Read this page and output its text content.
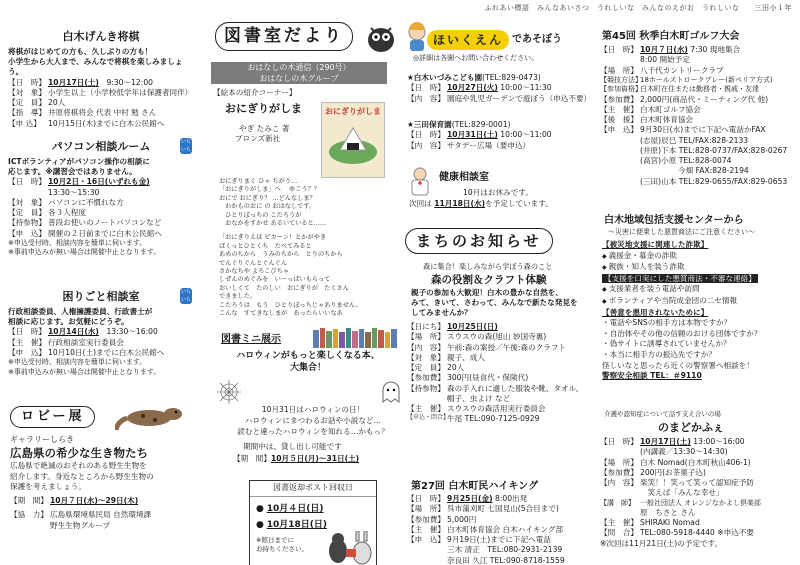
ふれあい標語　みんなあいさつ　うれしいな　みんなのえがお　うれしいな　　三田小１年
白木げんき将棋
将棋がはじめての方も、久しぶりの方も！
小学生から大人まで、みんなで将棋を楽しみましょう。
【日　時】 10月17日(土)　 9:30～12:00
【対　象】 小学生以上（小学校低学年は保護者同伴）
【定　員】 20人
【指　導】 井原将棋将会 代表 中村 勉 さん
【申 込】 10月15日(木)までに白木公民館へ
いちいち
パソコン相談ルーム
ICTボランティアがパソコン操作の相談に
応じます。※講習会ではありません。
【日　時】 10月2日・16日(いずれも金)
13:30～15:30
【対　象】 パソコンに不慣れな方
【定　員】 各３人程度
【持参物】 普段お使いのノートパソコンなど
【申　込】 開催の２日前までに白木公民館へ
※申込受付時、相談内容を簡単に伺います。
※事前申込みが無い場合は開催中止となります。
いちいち
困りごと相談室
行政相談委員、人権擁護委員、行政書士が
相談に応じます。お気軽にどうぞ。
【日　時】 10月14日(水)　 13:30～16:00
【主　催】 行政相談室実行委員会
【申　込】 10月10日(土)までに白木公民館へ
※申込受付時、相談内容を簡単に伺います。
※事前申込みが無い場合は開催中止となります。
ロビー展
ギャラリーしらき
広島県の希少な生き物たち
広島県で絶滅のおそれのある野生生物を
紹介します。身近なところから野生生物の
保護を考えましょう。
【期　間】 10月７日(水)～29日(木)
【協　力】 広島県環境県民局 自然環境課
野生生物グループ
図書室だより
おはなしの木通信（290号）
おはなしの木グループ
【絵本の紹介コーナー】
おにぎりがしま
やぎ たみこ 著
ブロンズ新社
おにぎりがしま
おにぎりまく ひゃ ちがう…
「おにぎりがしま」へ 　ゆこう？？
おにで おにぎり？ …どんなしま？
　わかものおに の おはなしです。
　ひとりぼっちの こたろうが
　おなかをすかせ あるいていると……
「おにぎりえほ ピカーン！とかがやき
ぱくっとひとくち　たべてみると
あめのちから　うみのちから　とりのちから
でんぐりぐんとぐんぐん
さかなちや よろこびちゃ
しぜんのめぐみを　い〜っぱいもらって
おいしくて　たのしい　おにぎりが　たくさん
できました。
こたろうは　もう　ひとりぼっちじゃありません。
こんな　すてきなしまが　あったらいいなあ
図書ミニ展示
ハロウィンがもっと楽しくなる本、
大集合！
10月31日はハロウィンの日！
ハロウィンにまつわるお話や小説など…
読むと違ったハロウィンを知れる…かもっ？
期間中は、貸し出し可能です
【期　間】 10月５日(月)～31日(土)
図書返却ポスト回収日
● 10月４日(日)
● 10月18日(日)
※館日までに
お持ちください。
ほいくえん であそぼう
◎詳細は各園へお問い合わせください。
★白木いづみこども園(TEL:829-0473)
【日　時】 10月27日(火) 10:00～11:30
【内　容】 園庭や乳児ガーデンで遊ぼう（申込不要）
★三田保育園(TEL:829-0001)
【日　時】 10月31日(土) 10:00～11:00
【内　容】 サタデー広場（要申込）
健康相談室
10月はお休みです。
次回は 11月18日(水)を予定しています。
まちのお知らせ
森に集合！楽しみながら学ぼう森のこと
森の役割＆クラフト体験
親子の参加も大歓迎！白木の豊かな自然を、
みて、きいて、さわって、みんなで新たな発見を
してみませんか？
【日にち】 10月25日(日)
【場　所】 スウスウの森(旭山 妙国寺裏)
【内　容】 午前:森の案授／午後:森のクラフト
【対　象】 親子、成人
【定　員】 20人
【参加費】 300円(昼食代・保険代)
【持参物】 森の手入れに適した服装や靴、タオル、
帽子、虫よけ など
【主　催】 スウスウの森活用実行委員会
【申込・問合】
牛尾 TEL:090-7125-0929
第27回 白木町民ハイキング
【日　時】 9月25日(金) 8:00出発
【場　所】 呉市蒲刈町 七国見山(5合目まで)
【参加費】 5,000円
【主　催】 白木町体育協会 白木ハイキング部
【申　込】 9月19日(土)までに下記へ電話
三木 清正　TEL:080-2931-2139
奈良田 久江 TEL:090-8718-1559
第45回 秋季白木町ゴルフ大会
【日　時】 10月７日(水) 7:30 現地集合
8:00 開始予定
【場　所】 八千代カントリークラブ
【競技方法】
18ホールストロークプレー(新ペリア方式)
【参加資格】
白木町在住または勤務者・親戚・友達
【参加費】 2,000円(商品代・ミーティング代 他)
【主　催】 白木町ゴルフ協会
【後　援】 白木町体育協会
【申　込】 9月30日(水)までに下記へ電話かFAX
(志屋)辰巳 TEL/FAX:828-2133
(井原)下本 TEL:828-0737/FAX:828-0267
(高宮)小原 TEL:828-0074
　　　　　今畑 FAX:828-2194
(三田)山本 TEL:829-0655/FAX:829-0653
白木地域包括支援センターから
～災害に便乗した悪質商法にご注意ください～
【被災地支援に関連した詐欺】
◆ 義援金・募金の詐欺
◆ 親族・知人を装う詐欺
【支援を口実にした悪質商法・不審な連絡】
◆ 支援業者を装う電話や訪問
◆ ボランティアや当院成金団の二セ情報
【善意を悪用されないために】
・電話やSNSの相手方は本物ですか？
・自治体やその他の信頼のおける団体ですか？
・偽サイトに誘導されていませんか？
・本当に相手方の振込先ですか？
怪しいなと思ったら近くの警察署へ相談を！
警察安全相談 TEL：＃9110
介護や認知症について話す支え合いの場
のまどかふぇ
【日　時】 10月17日(土) 13:00～16:00
(内講義／13:30～14:30)
【場　所】 白木 Nomad(白木町秋山406-1)
【参加費】 200円(お茶菓子込)
【内　容】 楽笑！！笑って笑って認知症予防
　笑えば「みんな幸せ」
【講　師】 一般社団法人 オレンジなかよし倶楽部
原　ちさと さん
【主　催】 SHIRAKI Nomad
【問　合】 TEL:080-5918-4440 ※申込不要
※次回は11月21日(土)の予定です。
